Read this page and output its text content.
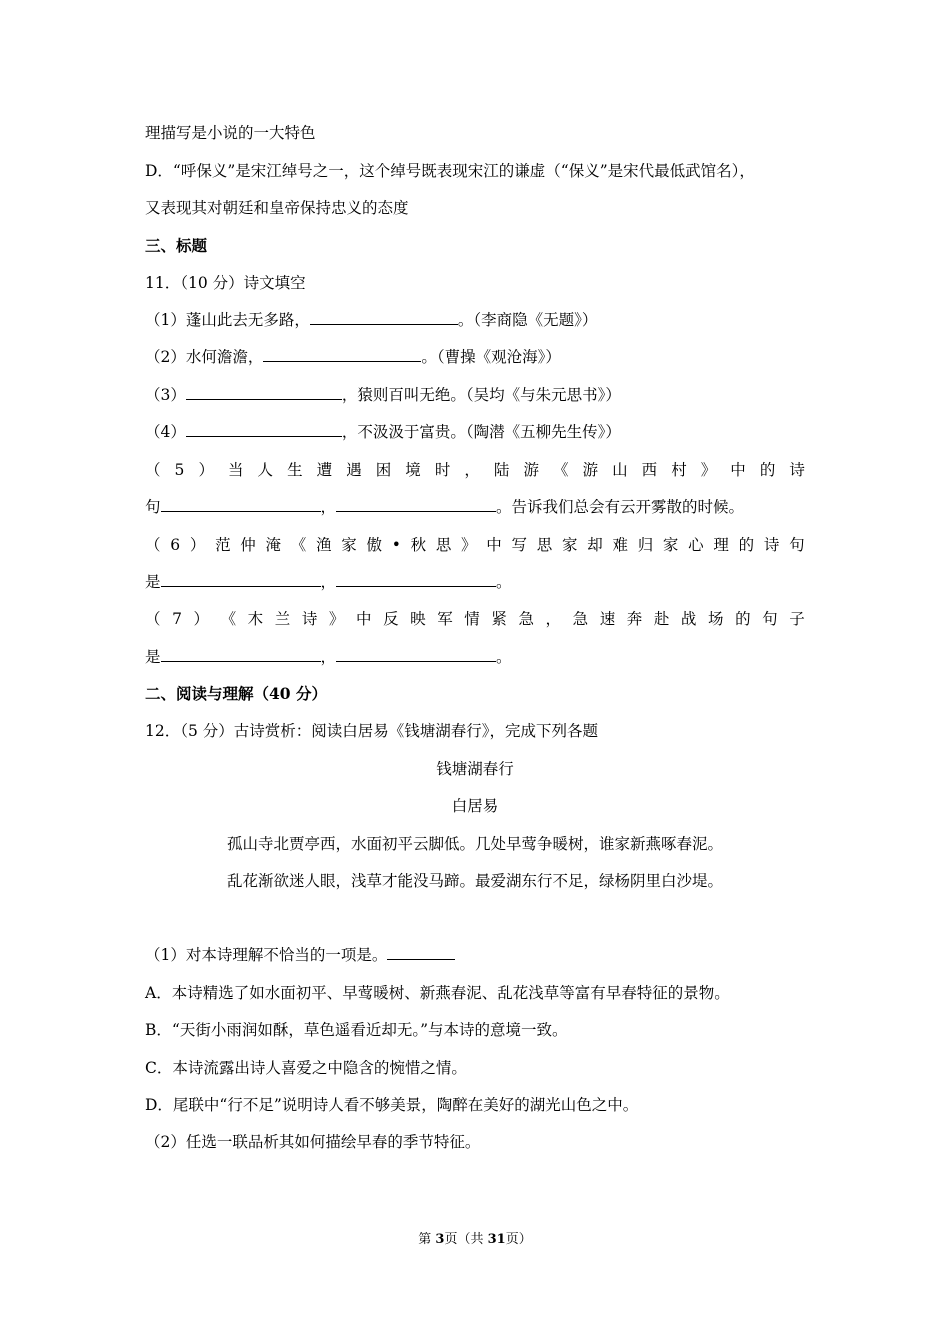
理描写是小说的一大特色
D．“呼保义”是宋江绰号之一，这个绰号既表现宋江的谦虚（“保义”是宋代最低武馆名），
又表现其对朝廷和皇帝保持忠义的态度
三、标题
11．（10 分）诗文填空
（1）蓬山此去无多路，	。（李商隐《无题》）
（2）水何澹澹，	。（曹操《观沧海》）
（3）	，猿则百叫无绝。（吴均《与朱元思书》）
（4）	，不汲汲于富贵。（陶潜《五柳先生传》）
（ 5 ） 当 人 生 遭 遇 困 境 时 ， 陆 游 《 游 山 西 村 》 中 的 诗
句	，	。告诉我们总会有云开雾散的时候。
（ 6 ） 范 仲 淹 《 渔 家 傲 • 秋 思 》 中 写 思 家 却 难 归 家 心 理 的 诗 句
是	，	。
（ 7 ） 《 木 兰 诗 》 中 反 映 军 情 紧 急 ， 急 速 奔 赴 战 场 的 句 子
是	，	。
二、阅读与理解（40 分）
12．（5 分）古诗赏析：阅读白居易《钱塘湖春行》，完成下列各题
钱塘湖春行
白居易
孤山寺北贾亭西，水面初平云脚低。几处早莺争暖树，谁家新燕啄春泥。
乱花渐欲迷人眼，浅草才能没马蹄。最爱湖东行不足，绿杨阴里白沙堤。
（1）对本诗理解不恰当的一项是。
A．本诗精选了如水面初平、早莺暖树、新燕春泥、乱花浅草等富有早春特征的景物。
B．“天街小雨润如酥，草色遥看近却无。”与本诗的意境一致。
C．本诗流露出诗人喜爱之中隐含的惋惜之情。
D．尾联中“行不足”说明诗人看不够美景，陶醉在美好的湖光山色之中。
（2）任选一联品析其如何描绘早春的季节特征。
第 3页（共 31页）
